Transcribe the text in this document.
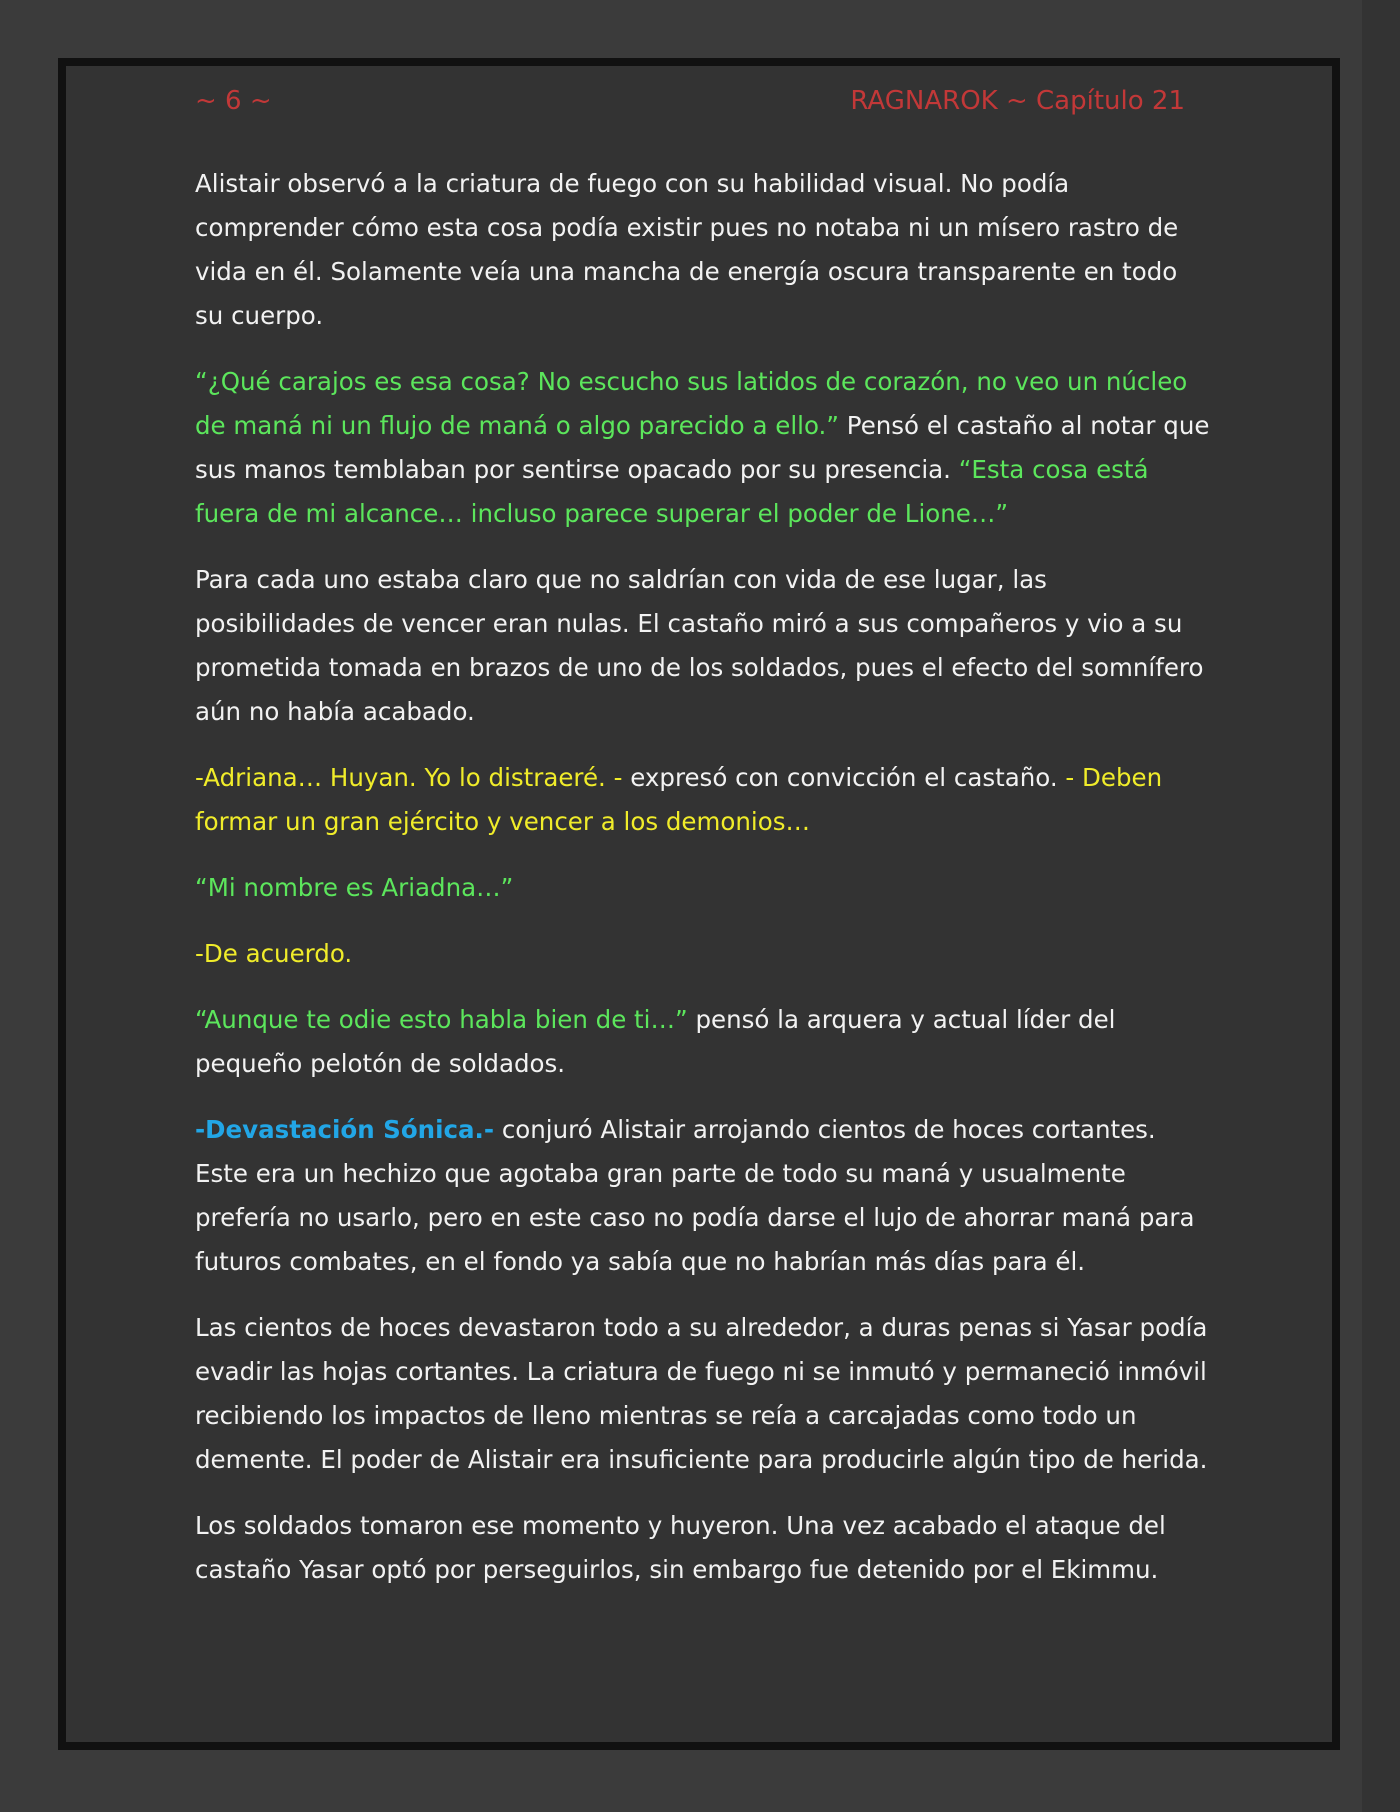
~ 6 ~	RAGNAROK ~ Capítulo 21

Alistair observó a la criatura de fuego con su habilidad visual. No podía comprender cómo esta cosa podía existir pues no notaba ni un mísero rastro de vida en él. Solamente veía una mancha de energía oscura transparente en todo su cuerpo.

“¿Qué carajos es esa cosa? No escucho sus latidos de corazón, no veo un núcleo de maná ni un flujo de maná o algo parecido a ello.” Pensó el castaño al notar que sus manos temblaban por sentirse opacado por su presencia. “Esta cosa está fuera de mi alcance… incluso parece superar el poder de Lione…”

Para cada uno estaba claro que no saldrían con vida de ese lugar, las posibilidades de vencer eran nulas. El castaño miró a sus compañeros y vio a su prometida tomada en brazos de uno de los soldados, pues el efecto del somnífero aún no había acabado.

-Adriana… Huyan. Yo lo distraeré. - expresó con convicción el castaño. - Deben formar un gran ejército y vencer a los demonios…

“Mi nombre es Ariadna…”

-De acuerdo.

“Aunque te odie esto habla bien de ti…” pensó la arquera y actual líder del pequeño pelotón de soldados.

-Devastación Sónica.- conjuró Alistair arrojando cientos de hoces cortantes. Este era un hechizo que agotaba gran parte de todo su maná y usualmente prefería no usarlo, pero en este caso no podía darse el lujo de ahorrar maná para futuros combates, en el fondo ya sabía que no habrían más días para él.

Las cientos de hoces devastaron todo a su alrededor, a duras penas si Yasar podía evadir las hojas cortantes. La criatura de fuego ni se inmutó y permaneció inmóvil recibiendo los impactos de lleno mientras se reía a carcajadas como todo un demente. El poder de Alistair era insuficiente para producirle algún tipo de herida.

Los soldados tomaron ese momento y huyeron. Una vez acabado el ataque del castaño Yasar optó por perseguirlos, sin embargo fue detenido por el Ekimmu.
